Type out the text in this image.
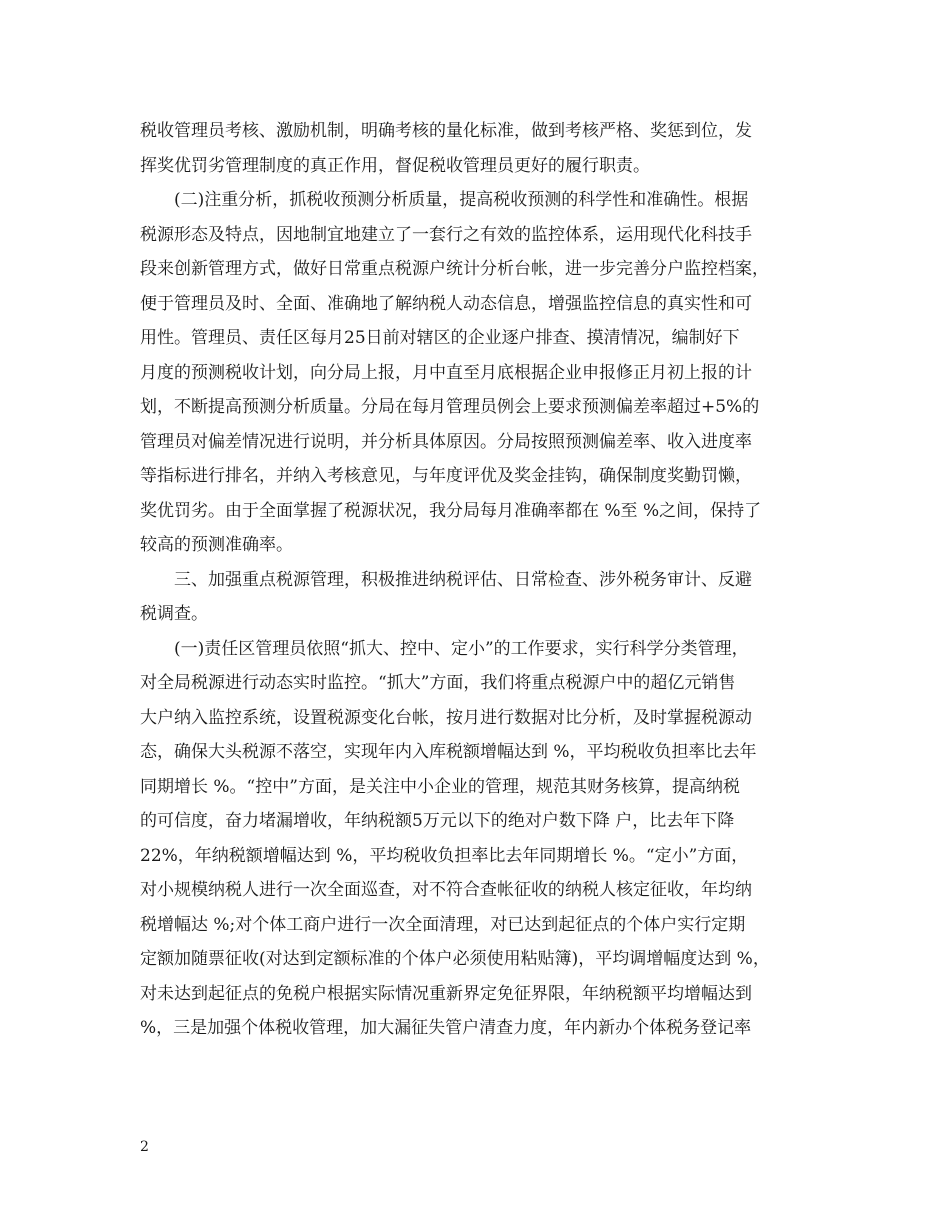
税收管理员考核、激励机制，明确考核的量化标准，做到考核严格、奖惩到位，发
挥奖优罚劣管理制度的真正作用，督促税收管理员更好的履行职责。
(二)注重分析，抓税收预测分析质量，提高税收预测的科学性和准确性。根据
税源形态及特点，因地制宜地建立了一套行之有效的监控体系，运用现代化科技手
段来创新管理方式，做好日常重点税源户统计分析台帐，进一步完善分户监控档案，
便于管理员及时、全面、准确地了解纳税人动态信息，增强监控信息的真实性和可
用性。管理员、责任区每月25日前对辖区的企业逐户排查、摸清情况，编制好下
月度的预测税收计划，向分局上报，月中直至月底根据企业申报修正月初上报的计
划，不断提高预测分析质量。分局在每月管理员例会上要求预测偏差率超过+5%的
管理员对偏差情况进行说明，并分析具体原因。分局按照预测偏差率、收入进度率
等指标进行排名，并纳入考核意见，与年度评优及奖金挂钩，确保制度奖勤罚懒，
奖优罚劣。由于全面掌握了税源状况，我分局每月准确率都在 %至 %之间，保持了
较高的预测准确率。
三、加强重点税源管理，积极推进纳税评估、日常检查、涉外税务审计、反避
税调查。
(一)责任区管理员依照“抓大、控中、定小”的工作要求，实行科学分类管理，
对全局税源进行动态实时监控。“抓大”方面，我们将重点税源户中的超亿元销售
大户纳入监控系统，设置税源变化台帐，按月进行数据对比分析，及时掌握税源动
态，确保大头税源不落空，实现年内入库税额增幅达到 %，平均税收负担率比去年
同期增长 %。“控中”方面，是关注中小企业的管理，规范其财务核算，提高纳税
的可信度，奋力堵漏增收，年纳税额5万元以下的绝对户数下降 户，比去年下降
22%，年纳税额增幅达到 %，平均税收负担率比去年同期增长 %。“定小”方面，
对小规模纳税人进行一次全面巡查，对不符合查帐征收的纳税人核定征收，年均纳
税增幅达 %;对个体工商户进行一次全面清理，对已达到起征点的个体户实行定期
定额加随票征收(对达到定额标准的个体户必须使用粘贴簿)，平均调增幅度达到 %，
对未达到起征点的免税户根据实际情况重新界定免征界限，年纳税额平均增幅达到
%，三是加强个体税收管理，加大漏征失管户清查力度，年内新办个体税务登记率
2
